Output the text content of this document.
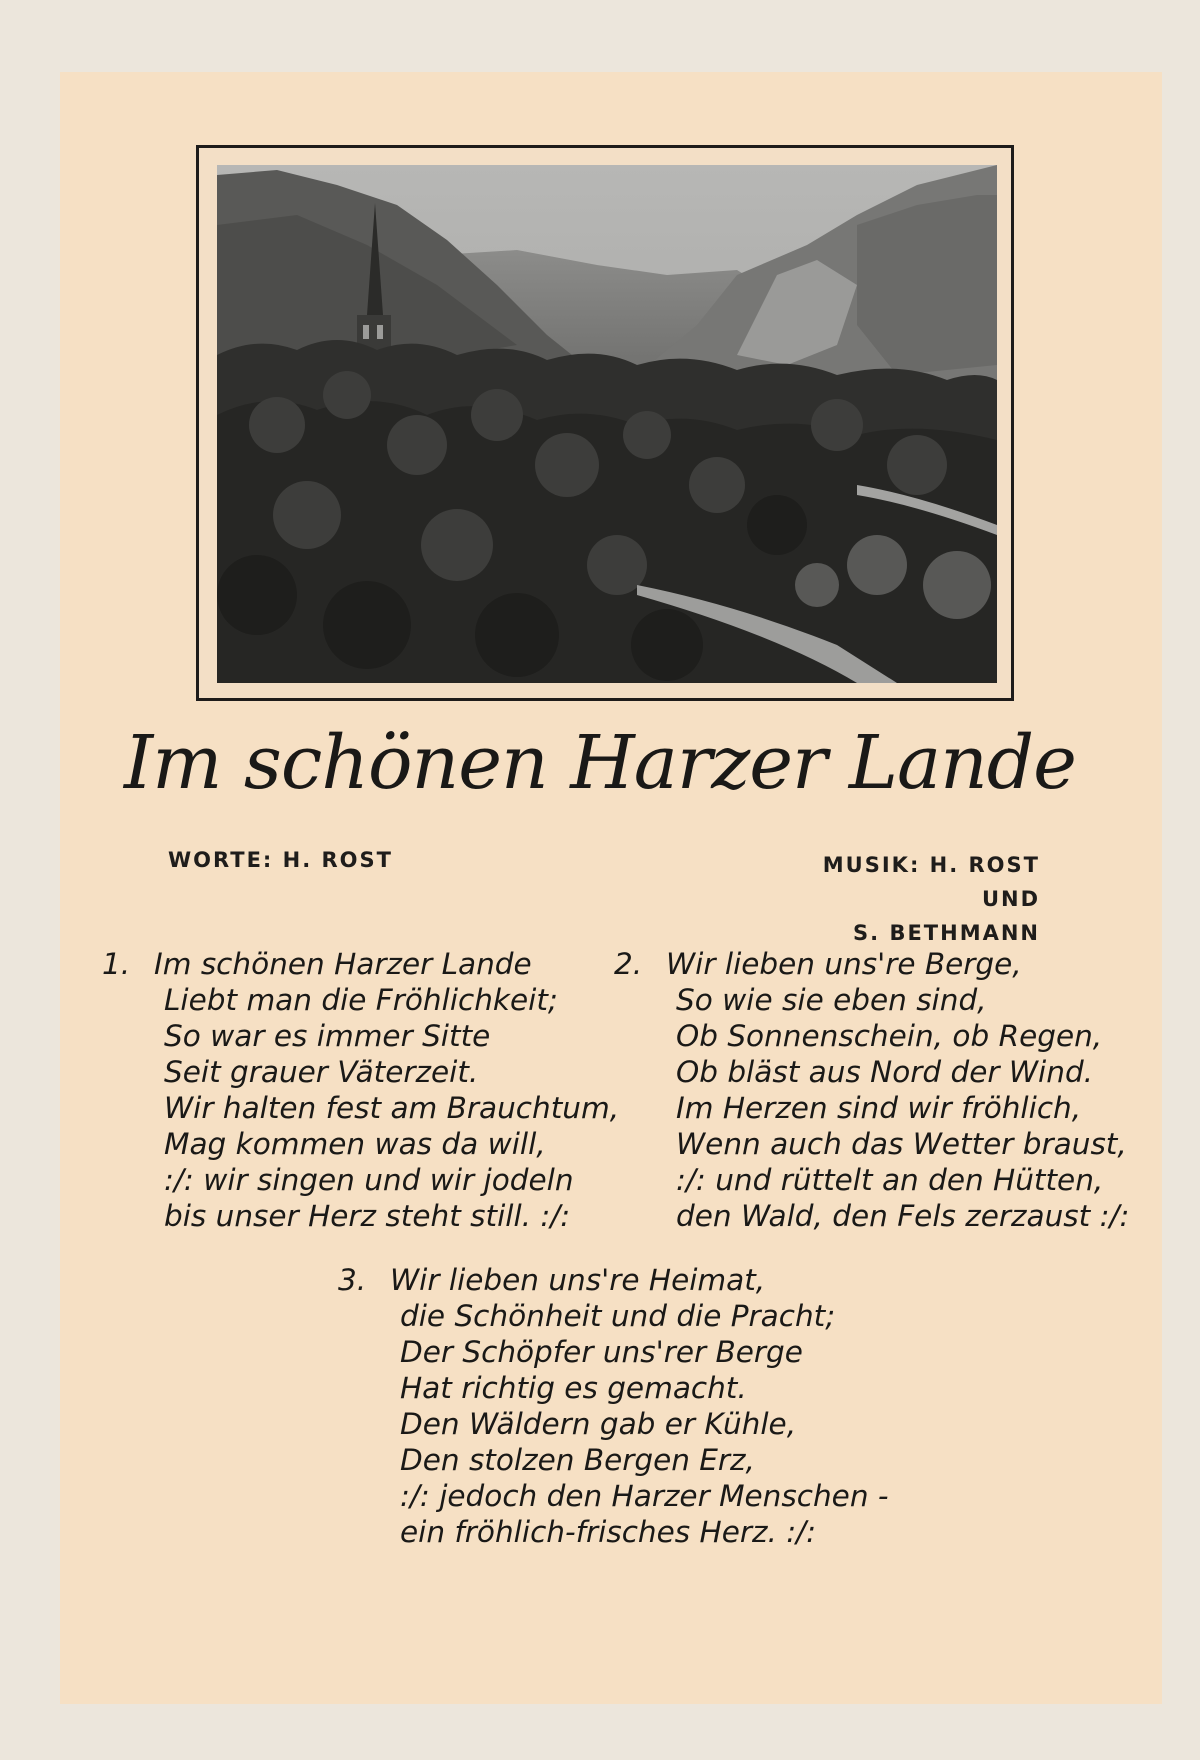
Im schönen Harzer Lande
WORTE: H. ROST	MUSIK: H. ROST UND
S. BETHMANN
1. Im schönen Harzer Lande
Liebt man die Fröhlichkeit;
So war es immer Sitte
Seit grauer Väterzeit.
Wir halten fest am Brauchtum,
Mag kommen was da will,
:/: wir singen und wir jodeln
bis unser Herz steht still. :/:
2. Wir lieben uns're Berge,
So wie sie eben sind,
Ob Sonnenschein, ob Regen,
Ob bläst aus Nord der Wind.
Im Herzen sind wir fröhlich,
Wenn auch das Wetter braust,
:/: und rüttelt an den Hütten,
den Wald, den Fels zerzaust :/:
3. Wir lieben uns're Heimat,
die Schönheit und die Pracht;
Der Schöpfer uns'rer Berge
Hat richtig es gemacht.
Den Wäldern gab er Kühle,
Den stolzen Bergen Erz,
:/: jedoch den Harzer Menschen -
ein fröhlich-frisches Herz. :/:
